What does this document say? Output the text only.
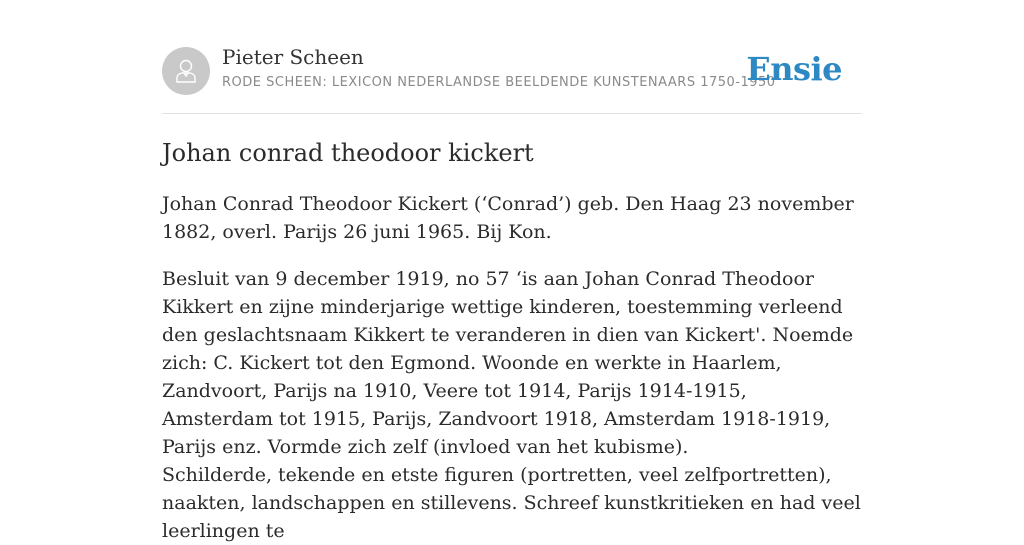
Pieter Scheen
RODE SCHEEN: LEXICON NEDERLANDSE BEELDENDE KUNSTENAARS 1750-1950
Ensie
Johan conrad theodoor kickert

Johan Conrad Theodoor Kickert (‘Conrad’) geb. Den Haag 23 november 1882, overl. Parijs 26 juni 1965. Bij Kon.

Besluit van 9 december 1919, no 57 ‘is aan Johan Conrad Theodoor Kikkert en zijne minderjarige wettige kinderen, toestemming verleend den geslachtsnaam Kikkert te veranderen in dien van Kickert'. Noemde zich: C. Kickert tot den Egmond. Woonde en werkte in Haarlem, Zandvoort, Parijs na 1910, Veere tot 1914, Parijs 1914-1915, Amsterdam tot 1915, Parijs, Zandvoort 1918, Amsterdam 1918-1919, Parijs enz. Vormde zich zelf (invloed van het kubisme).

Schilderde, tekende en etste figuren (portretten, veel zelfportretten), naakten, landschappen en stillevens. Schreef kunstkritieken en had veel leerlingen te
